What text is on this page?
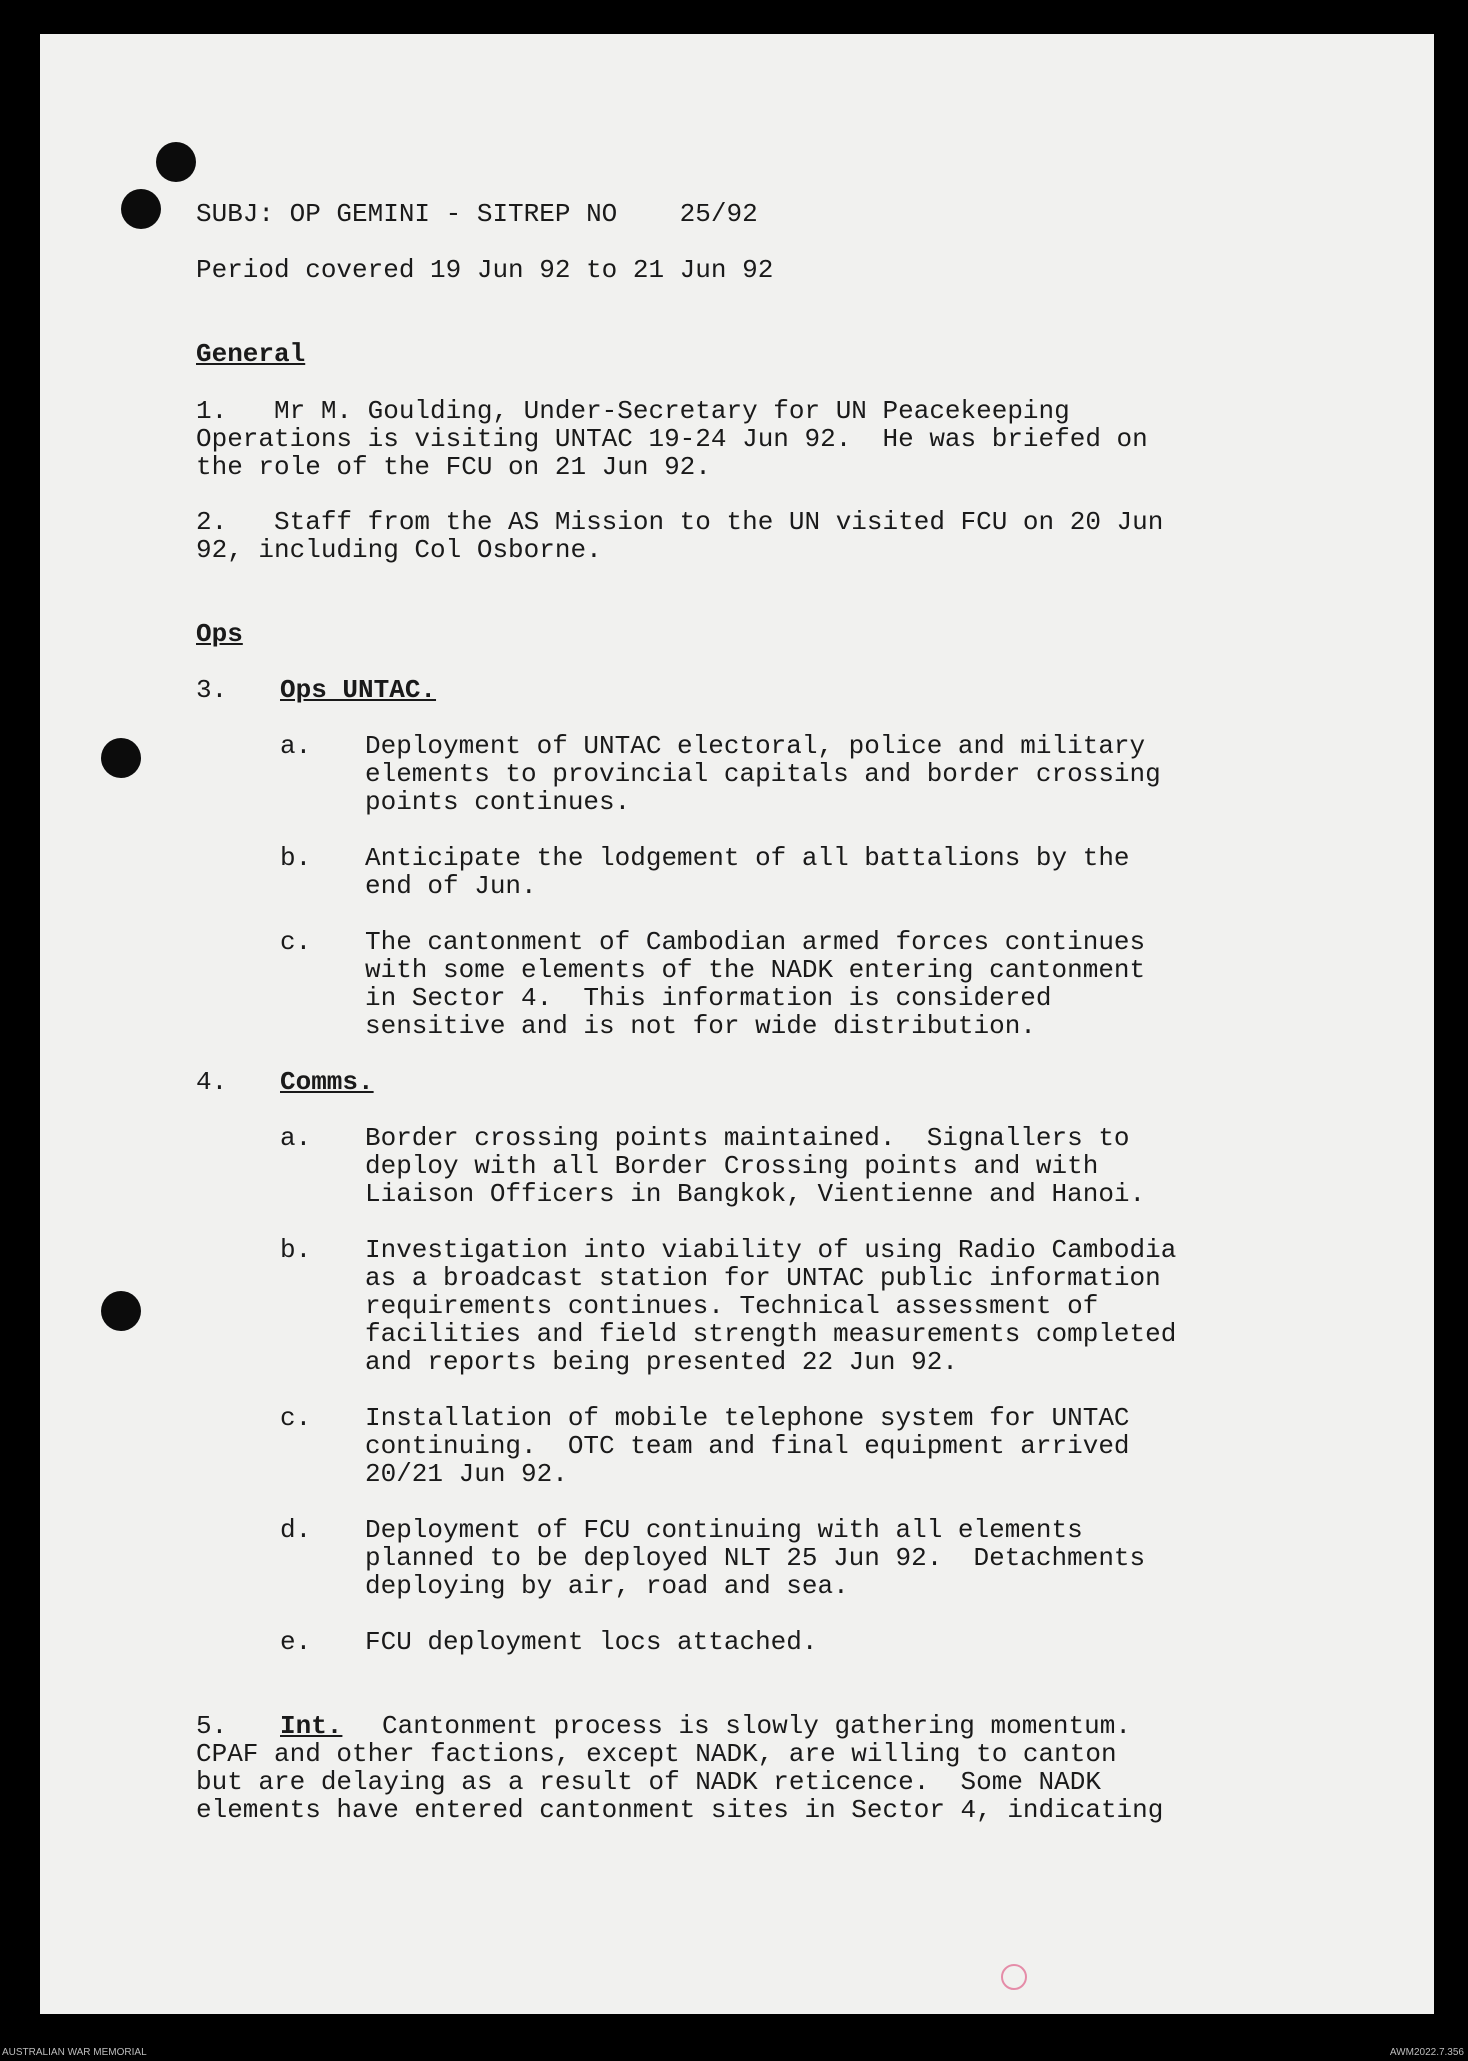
SUBJ: OP GEMINI - SITREP NO    25/92
Period covered 19 Jun 92 to 21 Jun 92
General
1.   Mr M. Goulding, Under-Secretary for UN Peacekeeping
Operations is visiting UNTAC 19-24 Jun 92.  He was briefed on
the role of the FCU on 21 Jun 92.
2.   Staff from the AS Mission to the UN visited FCU on 20 Jun
92, including Col Osborne.
Ops
3. Ops UNTAC.
a. Deployment of UNTAC electoral, police and military
elements to provincial capitals and border crossing
points continues.
b. Anticipate the lodgement of all battalions by the
end of Jun.
c. The cantonment of Cambodian armed forces continues
with some elements of the NADK entering cantonment
in Sector 4.  This information is considered
sensitive and is not for wide distribution.
4. Comms.
a. Border crossing points maintained.  Signallers to
deploy with all Border Crossing points and with
Liaison Officers in Bangkok, Vientienne and Hanoi.
b. Investigation into viability of using Radio Cambodia
as a broadcast station for UNTAC public information
requirements continues. Technical assessment of
facilities and field strength measurements completed
and reports being presented 22 Jun 92.
c. Installation of mobile telephone system for UNTAC
continuing.  OTC team and final equipment arrived
20/21 Jun 92.
d. Deployment of FCU continuing with all elements
planned to be deployed NLT 25 Jun 92.  Detachments
deploying by air, road and sea.
e. FCU deployment locs attached.
5. Int. Cantonment process is slowly gathering momentum.
CPAF and other factions, except NADK, are willing to canton
but are delaying as a result of NADK reticence.  Some NADK
elements have entered cantonment sites in Sector 4, indicating
AUSTRALIAN WAR MEMORIAL	AWM2022.7.356
